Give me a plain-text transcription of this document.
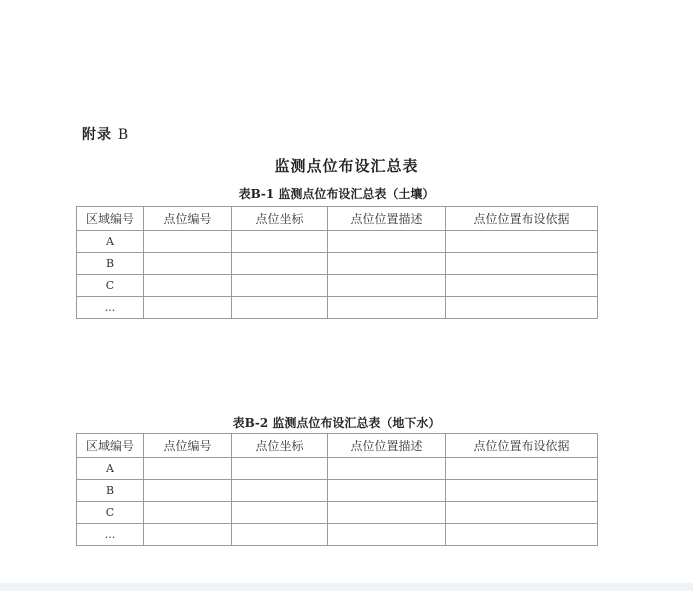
附录 B
监测点位布设汇总表
表B-1 监测点位布设汇总表（土壤）
区域编号	点位编号	点位坐标	点位位置描述	点位位置布设依据
A				
B				
C				
...				
表B-2 监测点位布设汇总表（地下水）
区域编号	点位编号	点位坐标	点位位置描述	点位位置布设依据
A				
B				
C				
...				
